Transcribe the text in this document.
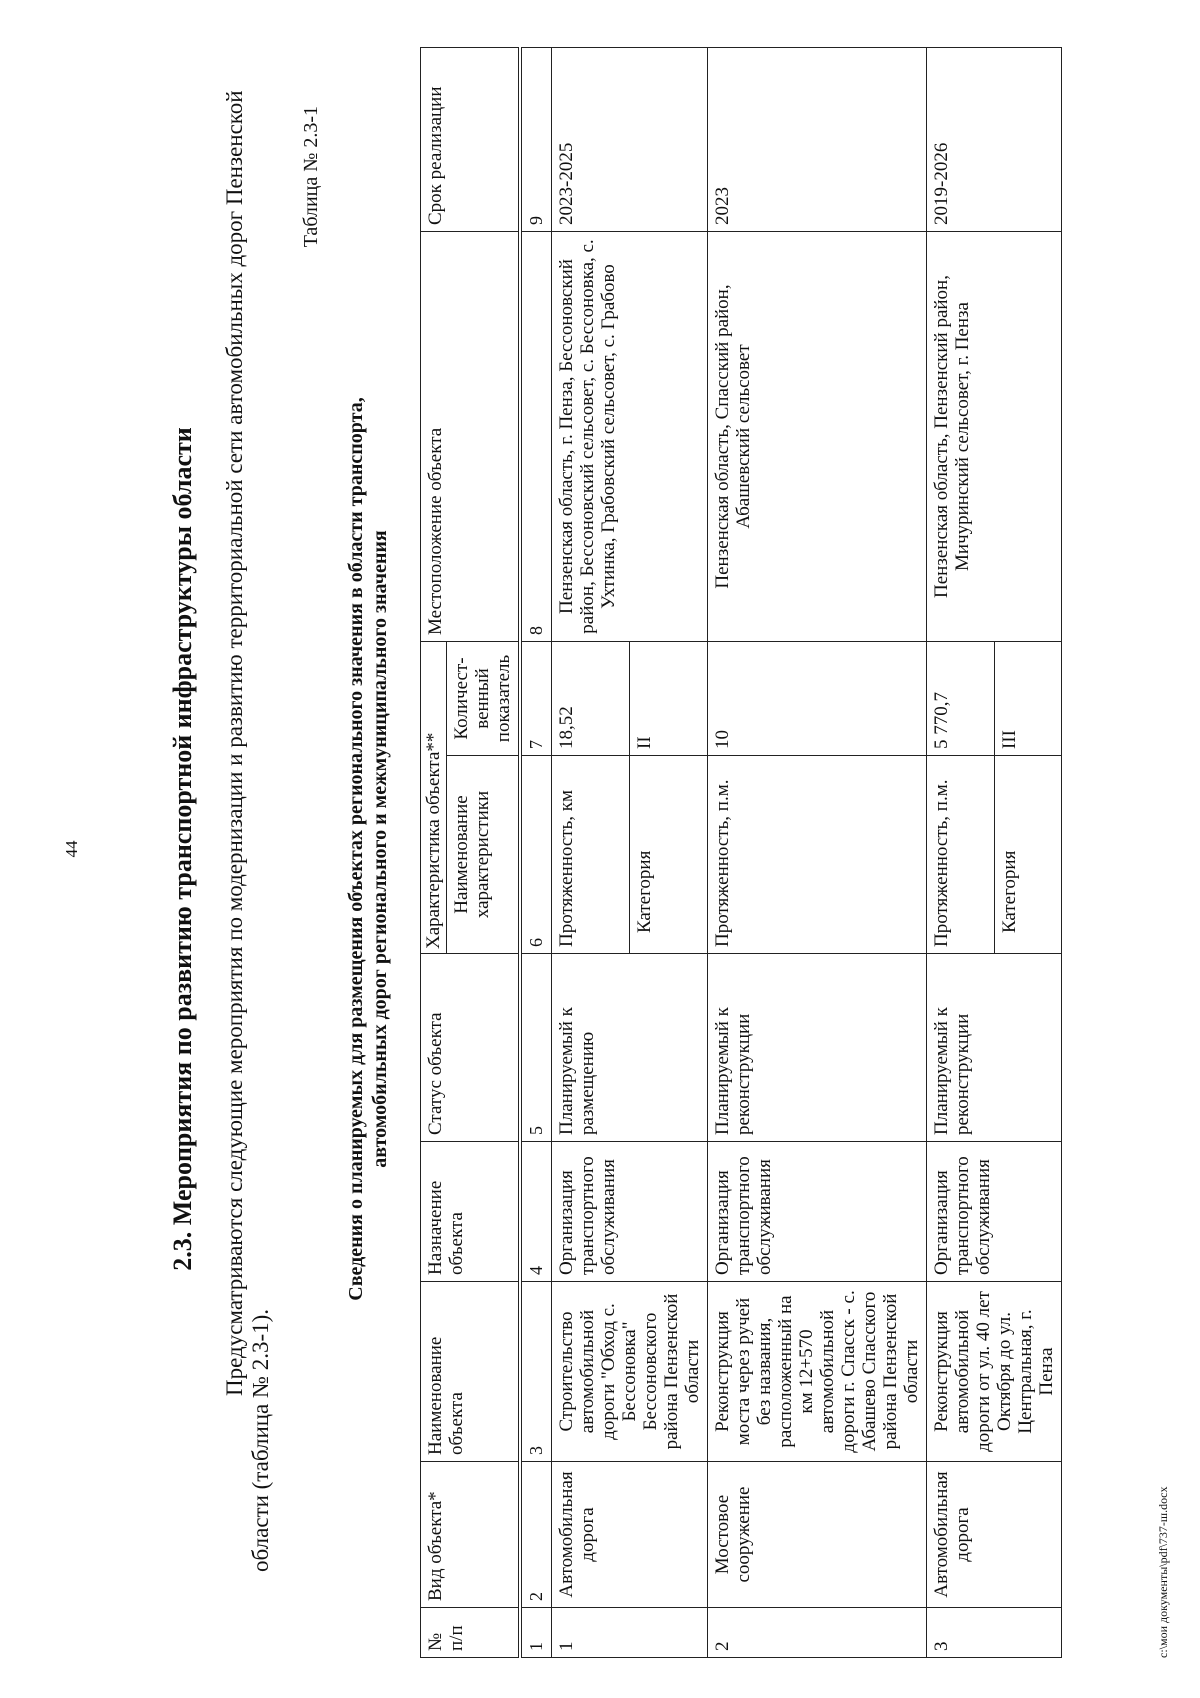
44	2.3. Мероприятия по развитию транспортной инфраструктуры области Предусматриваются следующие мероприятия по модернизации и развитию территориальной сети автомобильных дорог Пензенской области (таблица № 2.3-1).
Таблица № 2.3-1
Сведения о планируемых для размещения объектах регионального значения в области транспорта, автомобильных дорог регионального и межмуниципального значения
№ п/п	Вид объекта*	Наименование объекта	Назначение объекта	Статус объекта	Характеристика объекта**		Местоположение объекта	Срок реализации
					Наименование характеристики	Количест- венный показатель		
1	2	3	4	5	6	7	8	9
1	Автомобильная дорога	Строительство автомобильной дороги "Обход с. Бессоновка" Бессоновского района Пензенской области	Организация транспортного обслуживания	Планируемый к размещению	Протяженность, км	18,52	Пензенская область, г. Пенза, Бессоновский район, Бессоновский сельсовет, с. Бессоновка, с. Ухтинка, Грабовский сельсовет, с. Грабово	2023-2025
					Категория	II		
2	Мостовое сооружение	Реконструкция моста через ручей без названия, расположенный на км 12+570 автомобильной дороги г. Спасск - с. Абашево Спасского района Пензенской области	Организация транспортного обслуживания	Планируемый к реконструкции	Протяженность, п.м.	10	Пензенская область, Спасский район, Абашевский сельсовет	2023
3	Автомобильная дорога	Реконструкция автомобильной дороги от ул. 40 лет Октября до ул. Центральная, г. Пенза	Организация транспортного обслуживания	Планируемый к реконструкции	Протяженность, п.м.	5 770,7	Пензенская область, Пензенский район, Мичуринский сельсовет, г. Пенза	2019-2026
					Категория	III		
c:\мои документы\pdf\737-ш.docx
